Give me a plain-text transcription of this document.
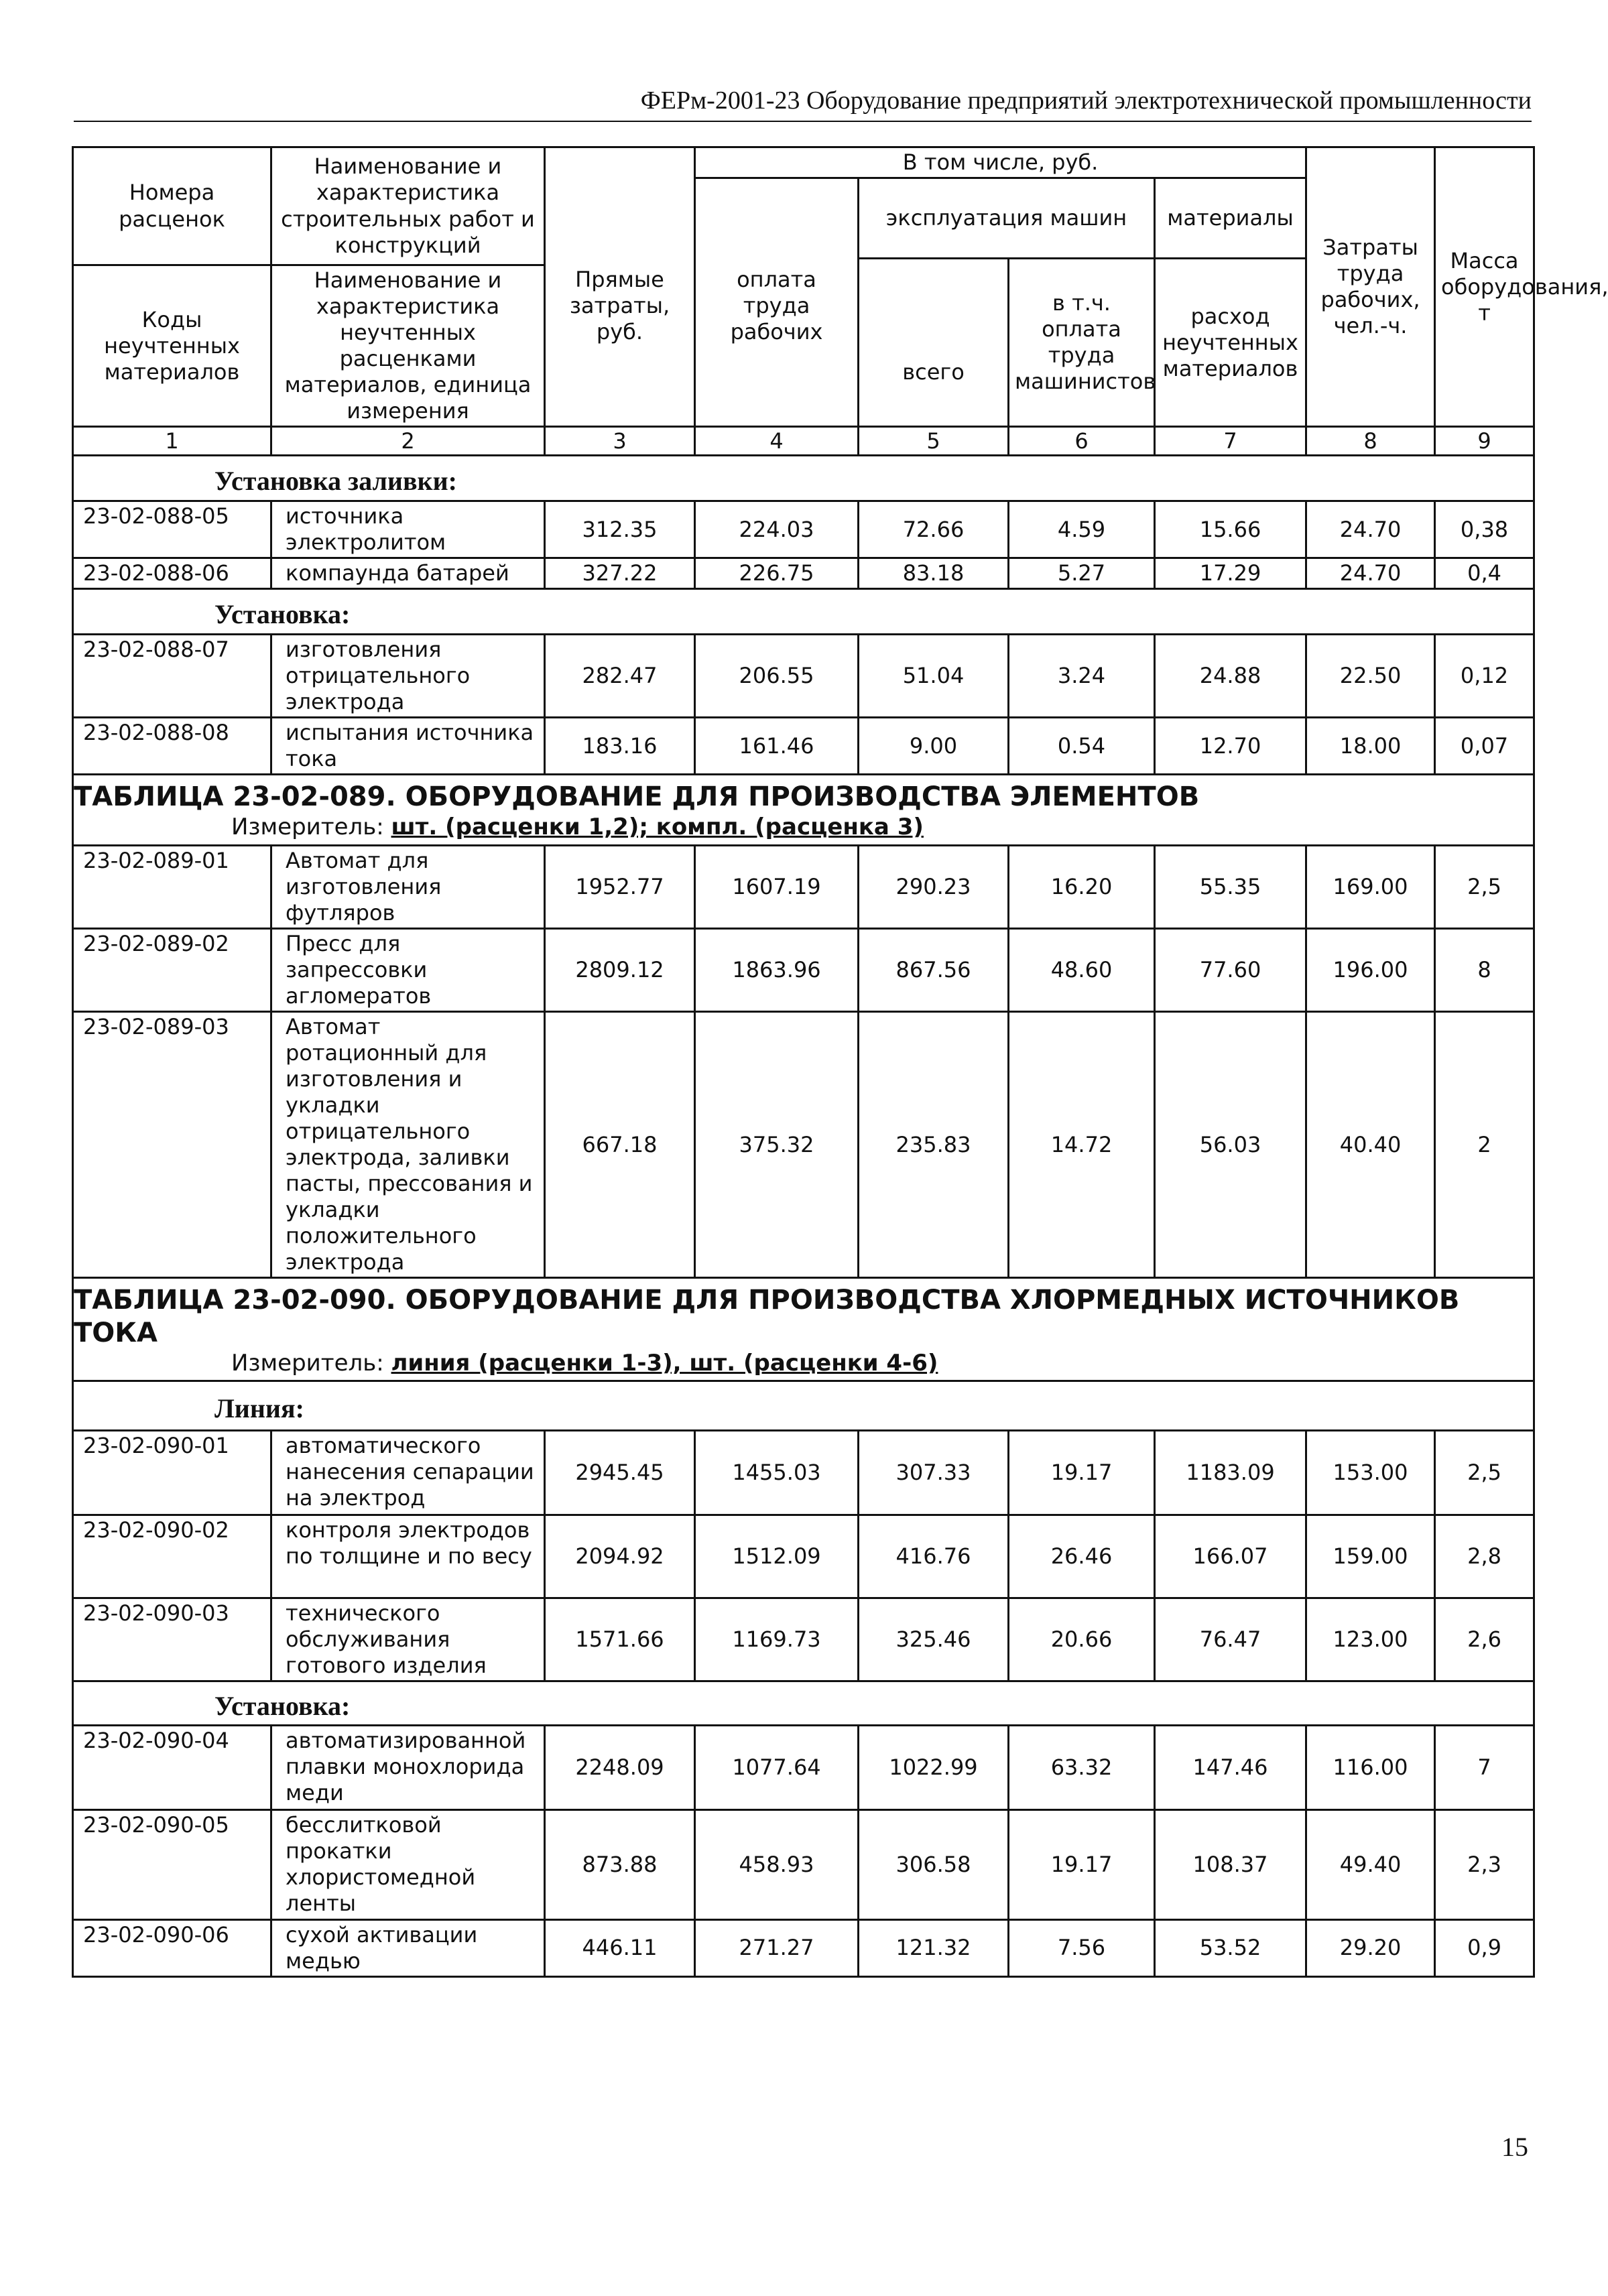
ФЕРм-2001-23 Оборудование предприятий электротехнической промышленности
Номера расценок	Наименование и характеристика строительных работ и конструкций	Прямые затраты, руб.	В том числе, руб.				Затраты труда рабочих, чел.-ч.	Масса оборудования, т
			оплата труда рабочих	эксплуатация машин		материалы		
				всего	в т.ч. оплата труда машинистов	расход неучтенных материалов		
Коды неучтенных материалов	Наименование и характеристика неучтенных расценками материалов, единица измерения							

1	2	3	4	5	6	7	8	9
Установка заливки:								
23-02-088-05	источника электролитом	312.35	224.03	72.66	4.59	15.66	24.70	0,38
23-02-088-06	компаунда батарей	327.22	226.75	83.18	5.27	17.29	24.70	0,4
Установка:								
23-02-088-07	изготовления отрицательного электрода	282.47	206.55	51.04	3.24	24.88	22.50	0,12
23-02-088-08	испытания источника тока	183.16	161.46	9.00	0.54	12.70	18.00	0,07
ТАБЛИЦА 23-02-089. ОБОРУДОВАНИЕ ДЛЯ ПРОИЗВОДСТВА ЭЛЕМЕНТОВ								
Измеритель: шт. (расценки 1,2); компл. (расценка 3)								
23-02-089-01	Автомат для изготовления футляров	1952.77	1607.19	290.23	16.20	55.35	169.00	2,5
23-02-089-02	Пресс для запрессовки агломератов	2809.12	1863.96	867.56	48.60	77.60	196.00	8
23-02-089-03	Автомат ротационный для изготовления и укладки отрицательного электрода, заливки пасты, прессования и укладки положительного электрода	667.18	375.32	235.83	14.72	56.03	40.40	2
ТАБЛИЦА 23-02-090. ОБОРУДОВАНИЕ ДЛЯ ПРОИЗВОДСТВА ХЛОРМЕДНЫХ ИСТОЧНИКОВ ТОКА								
Измеритель: линия (расценки 1-3), шт. (расценки 4-6)								
Линия:								
23-02-090-01	автоматического нанесения сепарации на электрод	2945.45	1455.03	307.33	19.17	1183.09	153.00	2,5
23-02-090-02	контроля электродов по толщине и по весу	2094.92	1512.09	416.76	26.46	166.07	159.00	2,8
23-02-090-03	технического обслуживания готового изделия	1571.66	1169.73	325.46	20.66	76.47	123.00	2,6
Установка:								
23-02-090-04	автоматизированной плавки монохлорида меди	2248.09	1077.64	1022.99	63.32	147.46	116.00	7
23-02-090-05	бесслитковой прокатки хлористомедной ленты	873.88	458.93	306.58	19.17	108.37	49.40	2,3
23-02-090-06	сухой активации медью	446.11	271.27	121.32	7.56	53.52	29.20	0,9
15
